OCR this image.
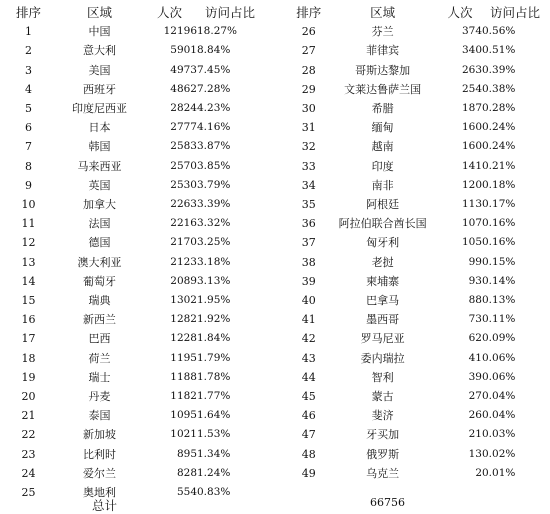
排序	区域	人次	访问占比
1	中国	12196	18.27%
2	意大利	5901	8.84%
3	美国	4973	7.45%
4	西班牙	4862	7.28%
5	印度尼西亚	2824	4.23%
6	日本	2777	4.16%
7	韩国	2583	3.87%
8	马来西亚	2570	3.85%
9	英国	2530	3.79%
10	加拿大	2263	3.39%
11	法国	2216	3.32%
12	德国	2170	3.25%
13	澳大利亚	2123	3.18%
14	葡萄牙	2089	3.13%
15	瑞典	1302	1.95%
16	新西兰	1282	1.92%
17	巴西	1228	1.84%
18	荷兰	1195	1.79%
19	瑞士	1188	1.78%
20	丹麦	1182	1.77%
21	泰国	1095	1.64%
22	新加坡	1021	1.53%
23	比利时	895	1.34%
24	爱尔兰	828	1.24%
25	奥地利	554	0.83%
排序	区域	人次	访问占比
26	芬兰	374	0.56%
27	菲律宾	340	0.51%
28	哥斯达黎加	263	0.39%
29	文莱达鲁萨兰国	254	0.38%
30	希腊	187	0.28%
31	缅甸	160	0.24%
32	越南	160	0.24%
33	印度	141	0.21%
34	南非	120	0.18%
35	阿根廷	113	0.17%
36	阿拉伯联合酋长国	107	0.16%
37	匈牙利	105	0.16%
38	老挝	99	0.15%
39	柬埔寨	93	0.14%
40	巴拿马	88	0.13%
41	墨西哥	73	0.11%
42	罗马尼亚	62	0.09%
43	委内瑞拉	41	0.06%
44	智利	39	0.06%
45	蒙古	27	0.04%
46	斐济	26	0.04%
47	牙买加	21	0.03%
48	俄罗斯	13	0.02%
49	乌克兰	2	0.01%
总计	66756
